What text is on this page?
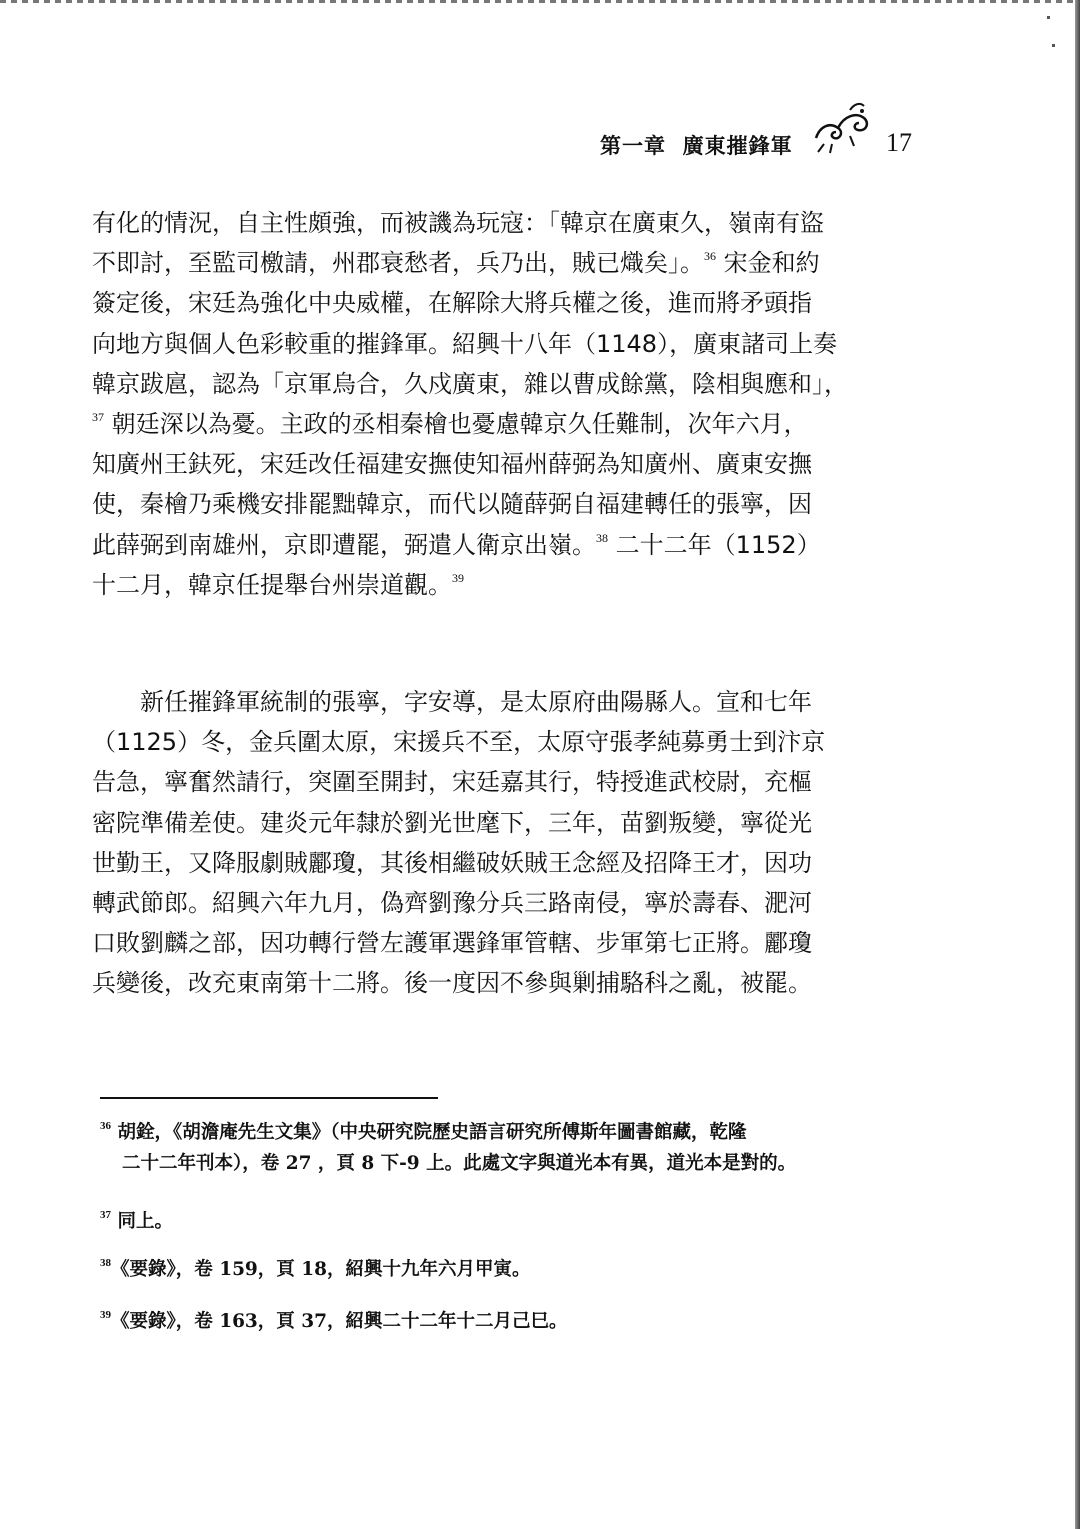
第一章  廣東摧鋒軍	17
有化的情況，自主性頗強，而被譏為玩寇：「韓京在廣東久，嶺南有盜
不即討，至監司檄請，州郡衰愁者，兵乃出，賊已熾矣」。$^{36}$ 宋金和約
簽定後，宋廷為強化中央威權，在解除大將兵權之後，進而將矛頭指
向地方與個人色彩較重的摧鋒軍。紹興十八年（1148），廣東諸司上奏
韓京跋扈，認為「京軍烏合，久戍廣東，雜以曹成餘黨，陰相與應和」，
$^{37}$ 朝廷深以為憂。主政的丞相秦檜也憂慮韓京久任難制，次年六月，
知廣州王鈇死，宋廷改任福建安撫使知福州薛弼為知廣州、廣東安撫
使，秦檜乃乘機安排罷黜韓京，而代以隨薛弼自福建轉任的張寧，因
此薛弼到南雄州，京即遭罷，弼遣人衛京出嶺。$^{38}$ 二十二年（1152）
十二月，韓京任提舉台州崇道觀。$^{39}$
　　新任摧鋒軍統制的張寧，字安導，是太原府曲陽縣人。宣和七年
（1125）冬，金兵圍太原，宋援兵不至，太原守張孝純募勇士到汴京
告急，寧奮然請行，突圍至開封，宋廷嘉其行，特授進武校尉，充樞
密院準備差使。建炎元年隸於劉光世麾下，三年，苗劉叛變，寧從光
世勤王，又降服劇賊酈瓊，其後相繼破妖賊王念經及招降王才，因功
轉武節郎。紹興六年九月，偽齊劉豫分兵三路南侵，寧於壽春、淝河
口敗劉麟之部，因功轉行營左護軍選鋒軍管轄、步軍第七正將。酈瓊
兵變後，改充東南第十二將。後一度因不參與剿捕駱科之亂，被罷。
$^{36}$ 胡銓，《胡澹庵先生文集》（中央研究院歷史語言研究所傅斯年圖書館藏，乾隆
二十二年刊本），卷 27 ，頁 8 下-9 上。此處文字與道光本有異，道光本是對的。
$^{37}$ 同上。
$^{38}$《要錄》，卷 159，頁 18，紹興十九年六月甲寅。
$^{39}$《要錄》，卷 163，頁 37，紹興二十二年十二月己巳。
